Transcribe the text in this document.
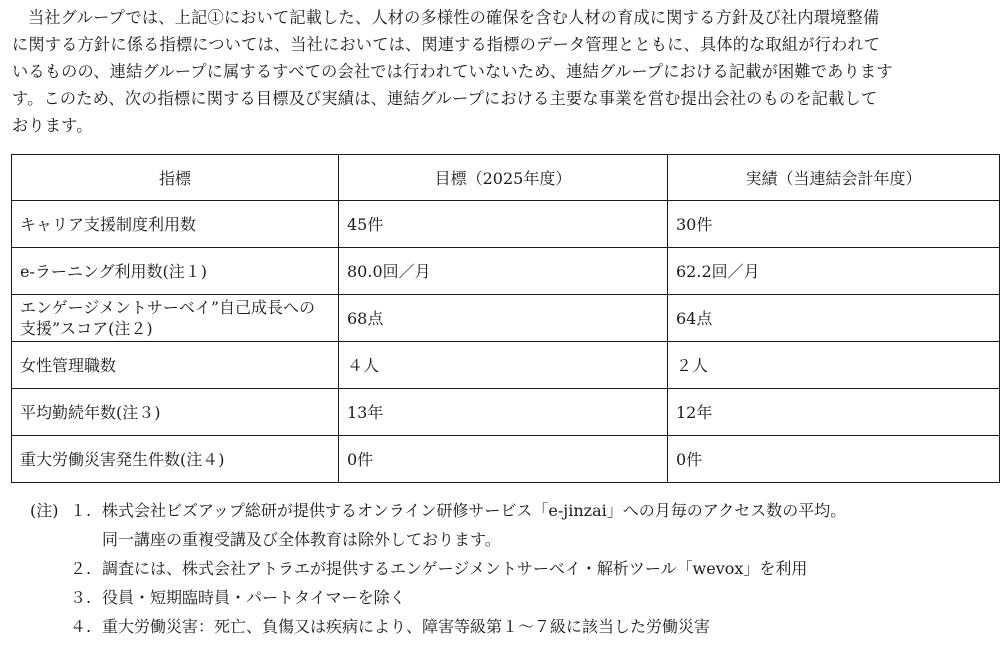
当社グループでは、上記①において記載した、人材の多様性の確保を含む人材の育成に関する方針及び社内環境整備
に関する方針に係る指標については、当社においては、関連する指標のデータ管理とともに、具体的な取組が行われて
いるものの、連結グループに属するすべての会社では行われていないため、連結グループにおける記載が困難であります
す。このため、次の指標に関する目標及び実績は、連結グループにおける主要な事業を営む提出会社のものを記載して
おります。
指標	目標（2025年度）	実績（当連結会計年度）
キャリア支援制度利用数	45件	30件
e-ラーニング利用数(注１)	80.0回／月	62.2回／月
エンゲージメントサーベイ”自己成長への支援”スコア(注２)	68点	64点
女性管理職数	４人	２人
平均勤続年数(注３)	13年	12年
重大労働災害発生件数(注４)	0件	0件
(注) １. 株式会社ビズアップ総研が提供するオンライン研修サービス「e-jinzai」への月毎のアクセス数の平均。
同一講座の重複受講及び全体教育は除外しております。
２. 調査には、株式会社アトラエが提供するエンゲージメントサーベイ・解析ツール「wevox」を利用
３. 役員・短期臨時員・パートタイマーを除く
４. 重大労働災害：死亡、負傷又は疾病により、障害等級第１～７級に該当した労働災害
